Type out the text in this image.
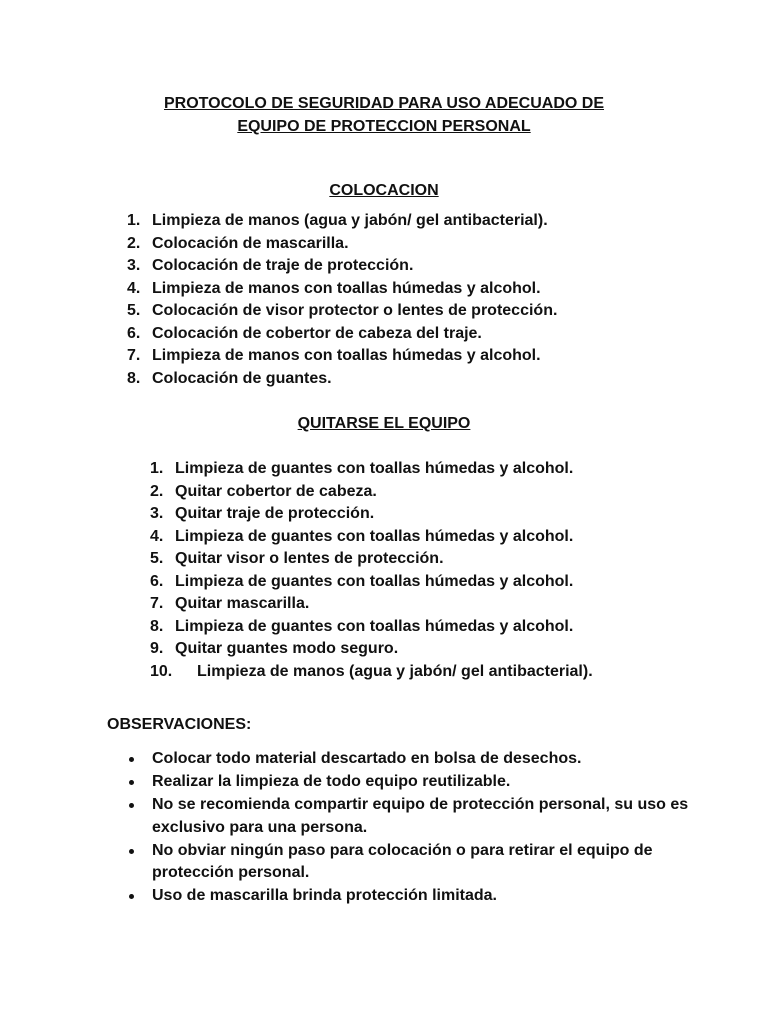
PROTOCOLO DE SEGURIDAD PARA USO ADECUADO DE
EQUIPO DE PROTECCION PERSONAL
COLOCACION
1. Limpieza de manos (agua y jabón/ gel antibacterial).
2. Colocación de mascarilla.
3. Colocación de traje de protección.
4. Limpieza de manos con toallas húmedas y alcohol.
5. Colocación de visor protector o lentes de protección.
6. Colocación de cobertor de cabeza del traje.
7. Limpieza de manos con toallas húmedas y alcohol.
8. Colocación de guantes.
QUITARSE EL EQUIPO
1. Limpieza de guantes con toallas húmedas y alcohol.
2. Quitar cobertor de cabeza.
3. Quitar traje de protección.
4. Limpieza de guantes con toallas húmedas y alcohol.
5. Quitar visor o lentes de protección.
6. Limpieza de guantes con toallas húmedas y alcohol.
7. Quitar mascarilla.
8. Limpieza de guantes con toallas húmedas y alcohol.
9. Quitar guantes modo seguro.
10. Limpieza de manos (agua y jabón/ gel antibacterial).
OBSERVACIONES:
Colocar todo material descartado en bolsa de desechos.
Realizar la limpieza de todo equipo reutilizable.
No se recomienda compartir equipo de protección personal, su uso es exclusivo para una persona.
No obviar ningún paso para colocación o para retirar el equipo de protección personal.
Uso de mascarilla brinda protección limitada.
